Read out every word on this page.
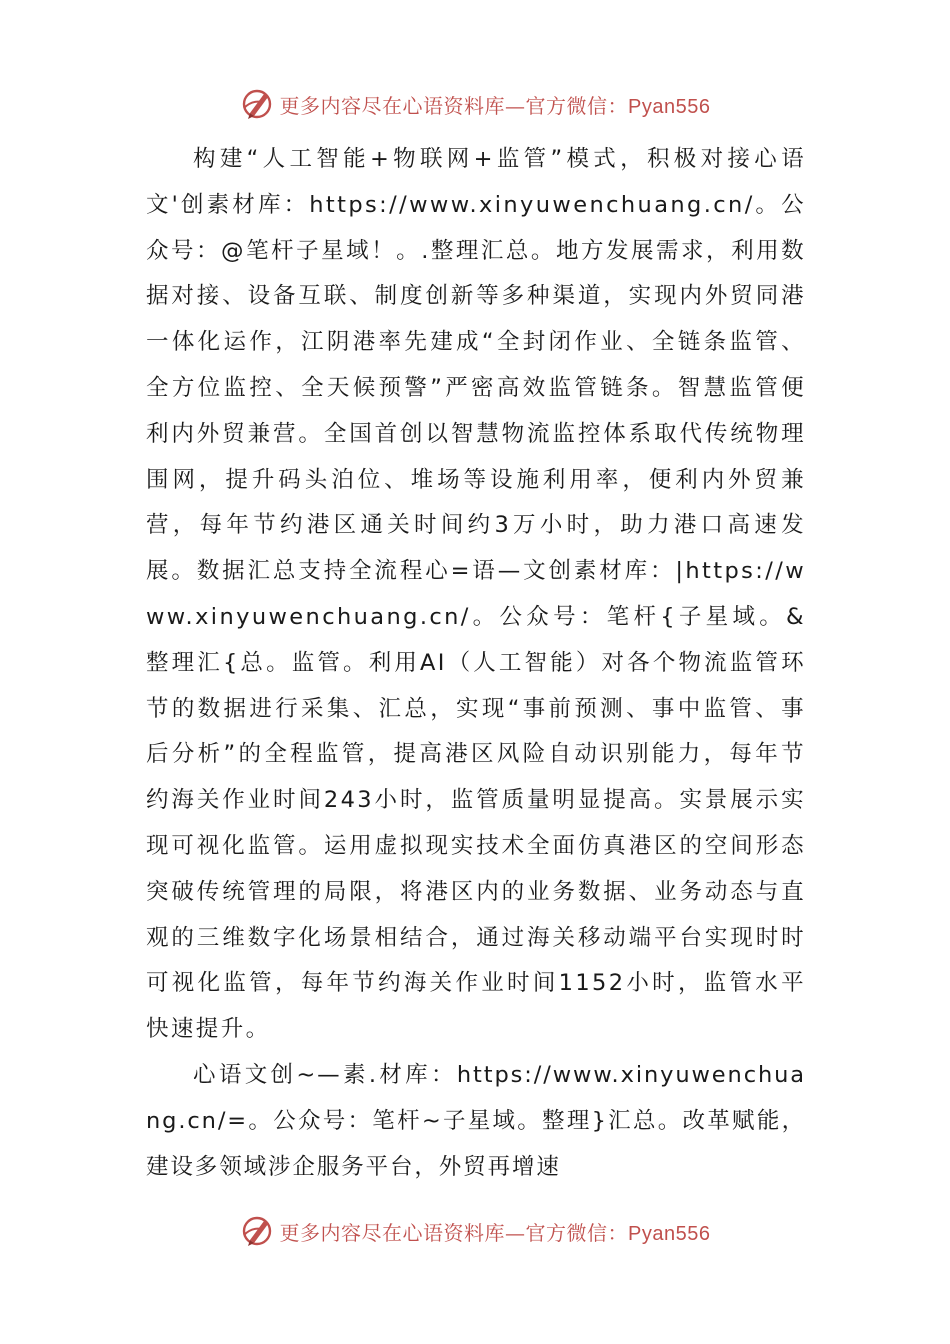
更多内容尽在心语资料库—官方微信：Pyan556

构建“人工智能+物联网+监管”模式，积极对接心语文'创素材库：https://www.xinyuwenchuang.cn/。公众号：@笔杆子星域！。.整理汇总。地方发展需求，利用数据对接、设备互联、制度创新等多种渠道，实现内外贸同港一体化运作，江阴港率先建成“全封闭作业、全链条监管、全方位监控、全天候预警”严密高效监管链条。智慧监管便利内外贸兼营。全国首创以智慧物流监控体系取代传统物理围网，提升码头泊位、堆场等设施利用率，便利内外贸兼营，每年节约港区通关时间约3万小时，助力港口高速发展。数据汇总支持全流程心=语—文创素材库：|https://www.xinyuwenchuang.cn/。公众号：笔杆{子星域。&整理汇{总。监管。利用AI（人工智能）对各个物流监管环节的数据进行采集、汇总，实现“事前预测、事中监管、事后分析”的全程监管，提高港区风险自动识别能力，每年节约海关作业时间243小时，监管质量明显提高。实景展示实现可视化监管。运用虚拟现实技术全面仿真港区的空间形态突破传统管理的局限，将港区内的业务数据、业务动态与直观的三维数字化场景相结合，通过海关移动端平台实现时时可视化监管，每年节约海关作业时间1152小时，监管水平快速提升。

心语文创~—素.材库：https://www.xinyuwenchuang.cn/=。公众号：笔杆~子星域。整理}汇总。改革赋能，建设多领域涉企服务平台，外贸再增速

更多内容尽在心语资料库—官方微信：Pyan556
